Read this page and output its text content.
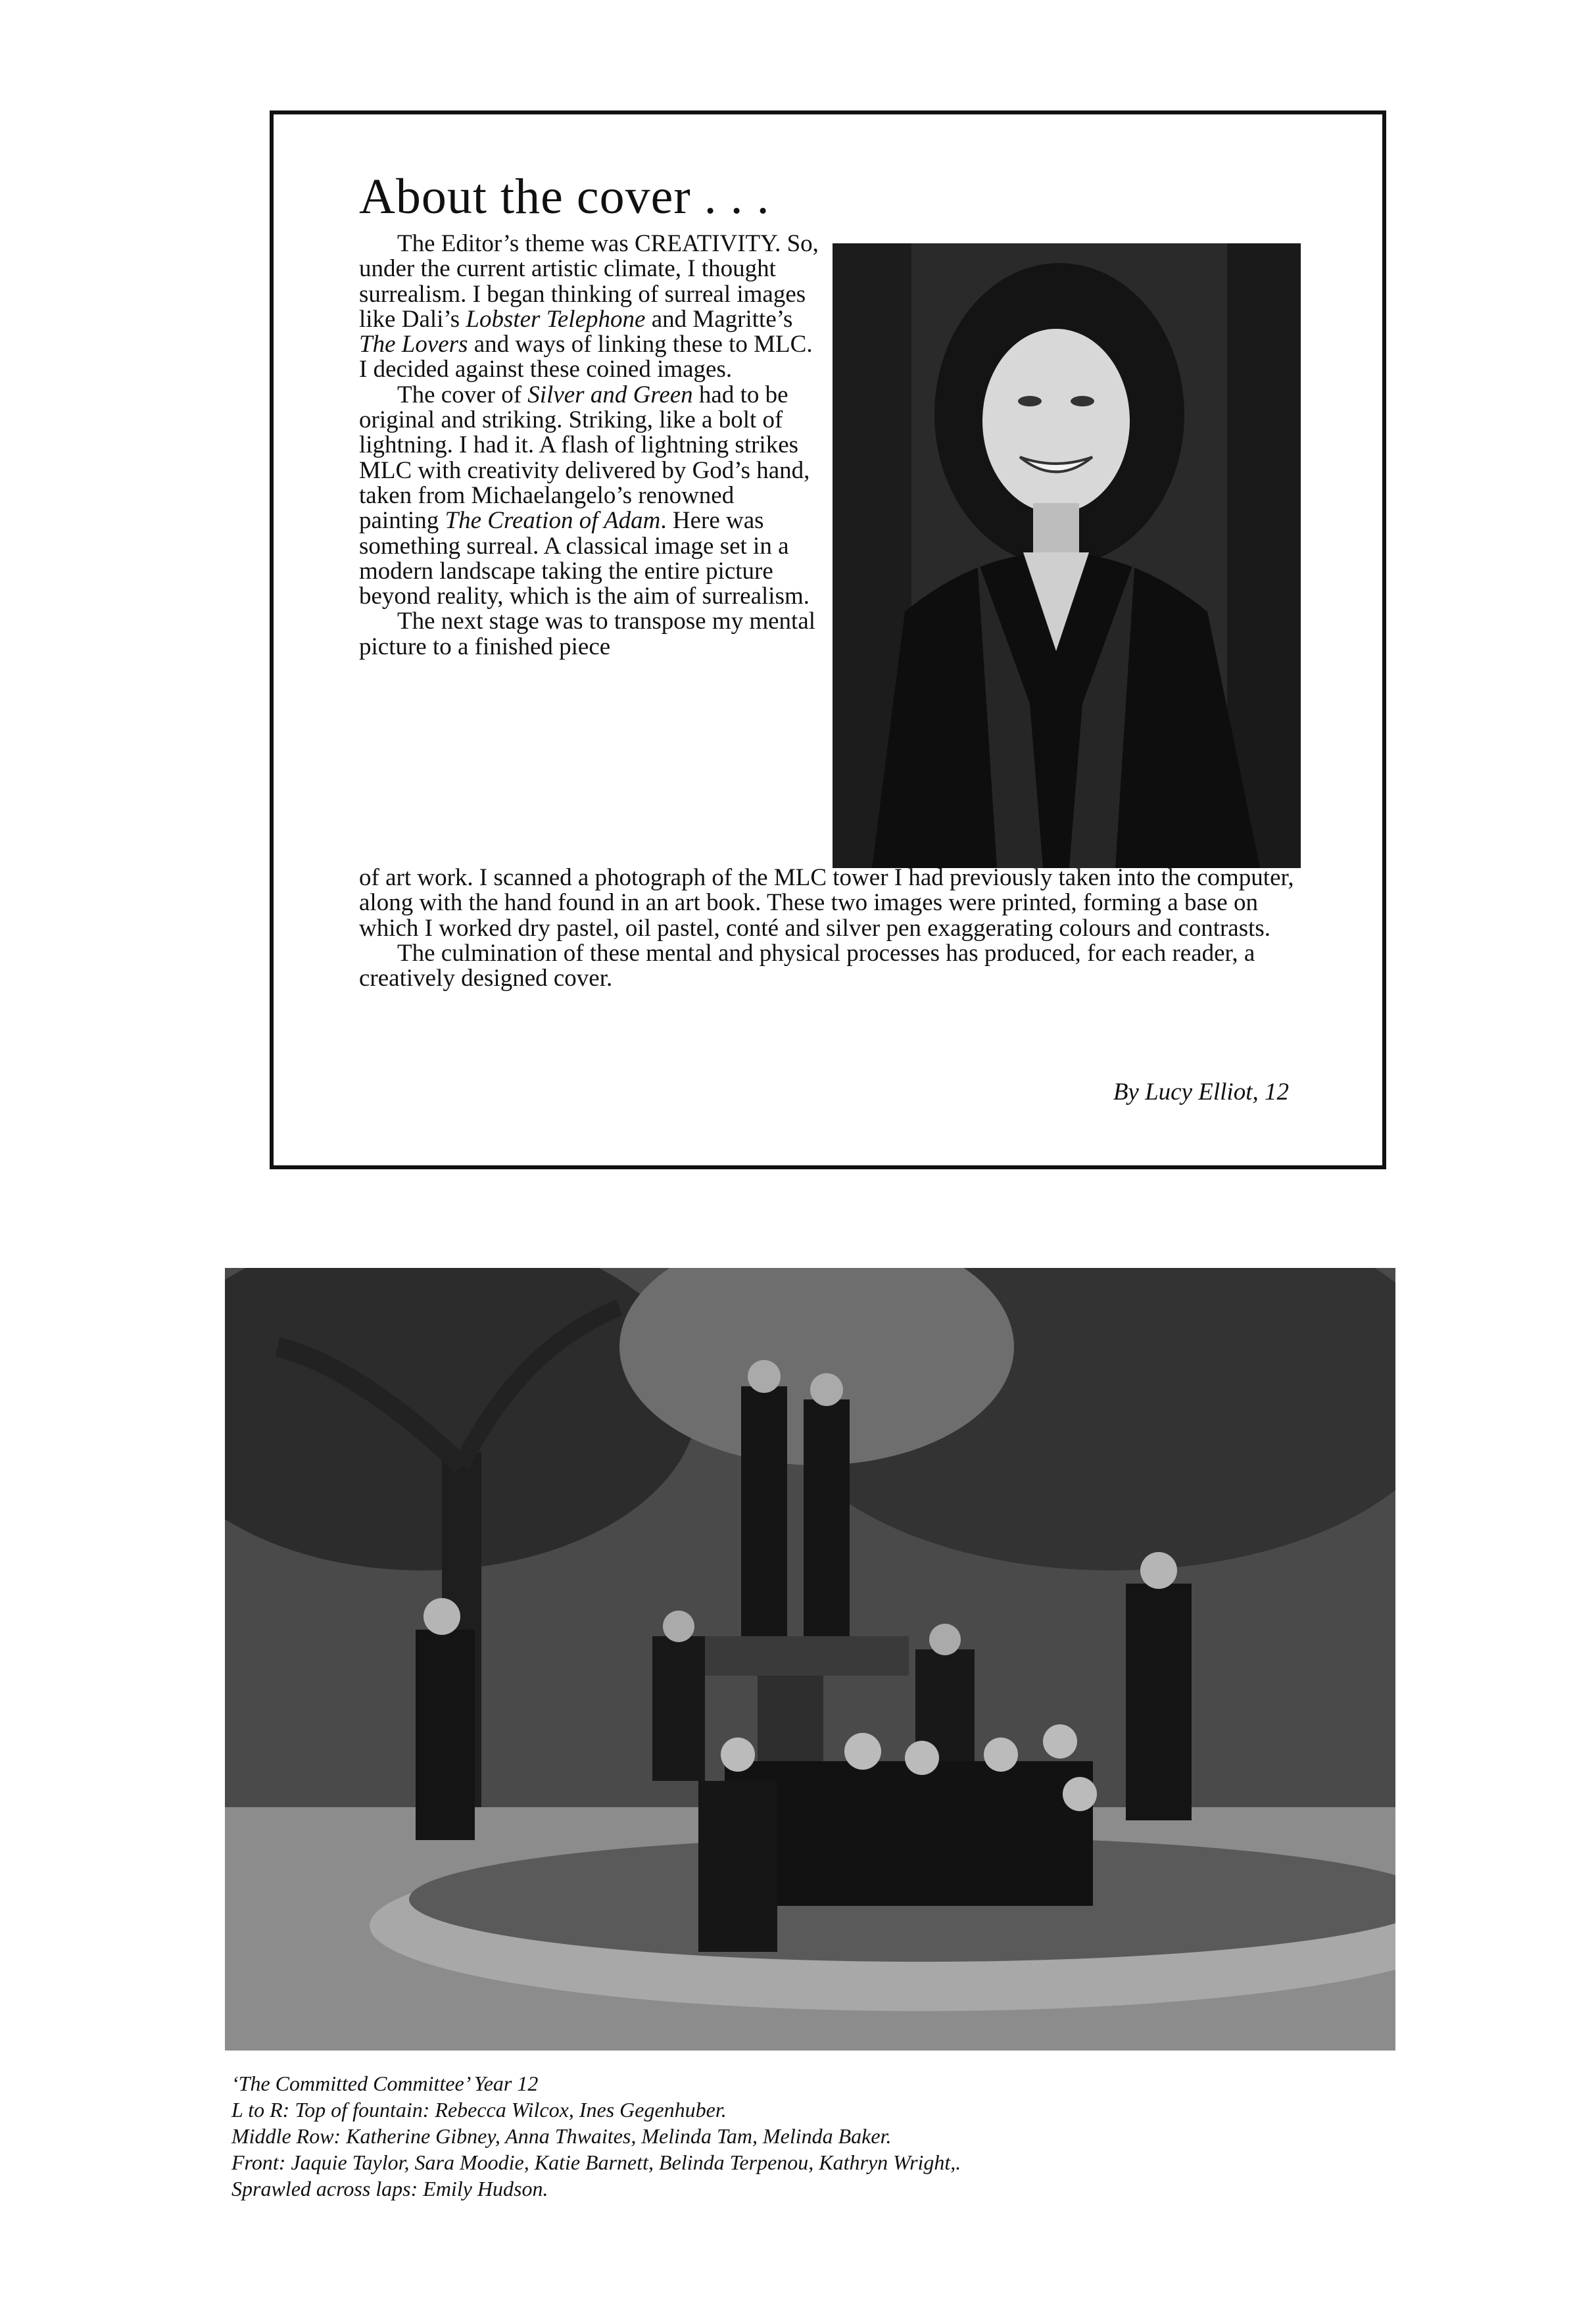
About the cover . . .

The Editor’s theme was CREATIVITY. So, under the current artistic climate, I thought surrealism. I began thinking of surreal images like Dali’s Lobster Telephone and Magritte’s The Lovers and ways of linking these to MLC. I decided against these coined images.

The cover of Silver and Green had to be original and striking. Striking, like a bolt of lightning. I had it. A flash of lightning strikes MLC with creativity delivered by God’s hand, taken from Michaelangelo’s renowned painting The Creation of Adam. Here was something surreal. A classical image set in a modern landscape taking the entire picture beyond reality, which is the aim of surrealism.

The next stage was to transpose my mental picture to a finished piece

of art work. I scanned a photograph of the MLC tower I had previously taken into the computer, along with the hand found in an art book. These two images were printed, forming a base on which I worked dry pastel, oil pastel, conté and silver pen exaggerating colours and contrasts.

The culmination of these mental and physical processes has produced, for each reader, a creatively designed cover.

By Lucy Elliot, 12

‘The Committed Committee’ Year 12
L to R: Top of fountain: Rebecca Wilcox, Ines Gegenhuber.
Middle Row: Katherine Gibney, Anna Thwaites, Melinda Tam, Melinda Baker.
Front: Jaquie Taylor, Sara Moodie, Katie Barnett, Belinda Terpenou, Kathryn Wright,.
Sprawled across laps: Emily Hudson.
